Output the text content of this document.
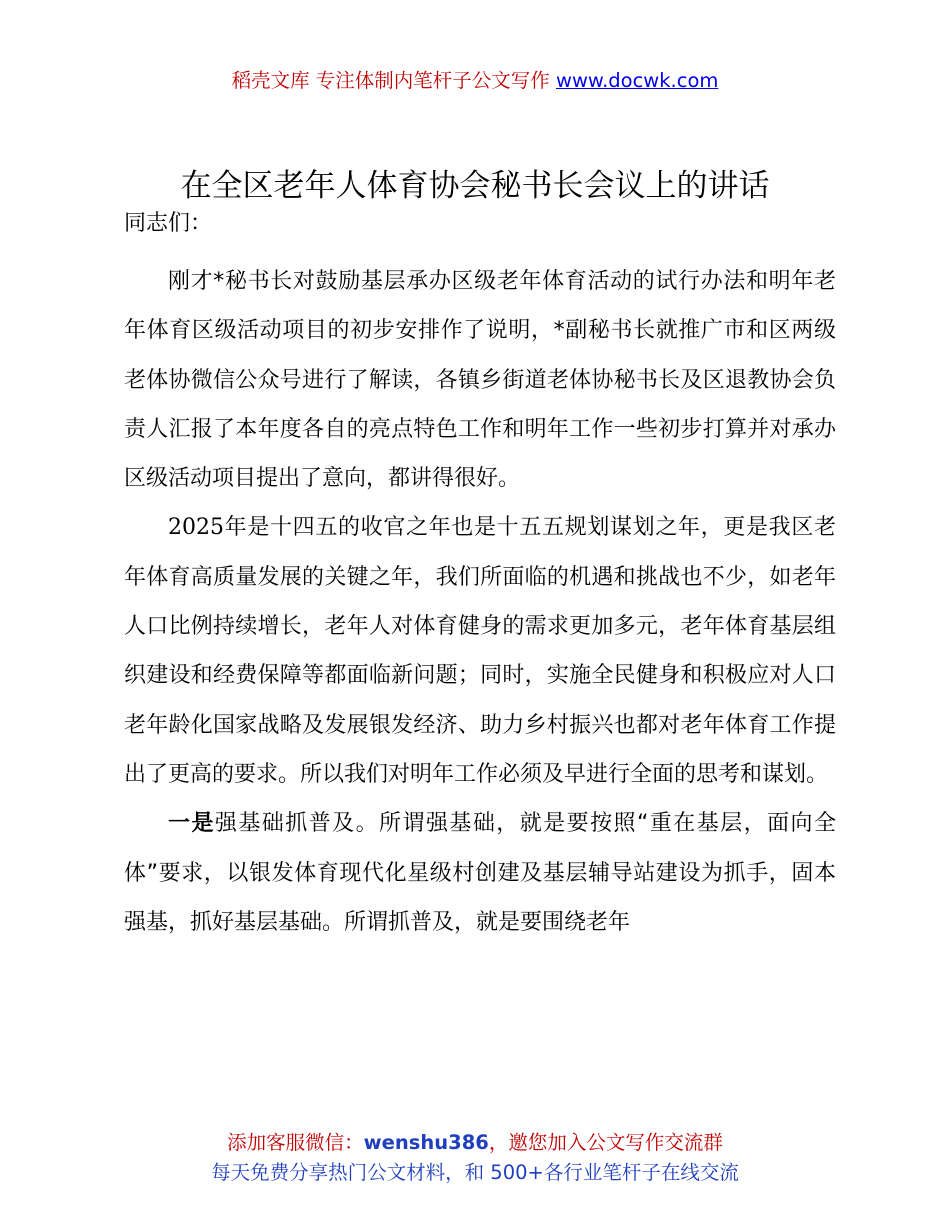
稻壳文库 专注体制内笔杆子公文写作 www.docwk.com
在全区老年人体育协会秘书长会议上的讲话
同志们：

刚才*秘书长对鼓励基层承办区级老年体育活动的试行办法和明年老年体育区级活动项目的初步安排作了说明，*副秘书长就推广市和区两级老体协微信公众号进行了解读，各镇乡街道老体协秘书长及区退教协会负责人汇报了本年度各自的亮点特色工作和明年工作一些初步打算并对承办区级活动项目提出了意向，都讲得很好。

2025年是十四五的收官之年也是十五五规划谋划之年，更是我区老年体育高质量发展的关键之年，我们所面临的机遇和挑战也不少，如老年人口比例持续增长，老年人对体育健身的需求更加多元，老年体育基层组织建设和经费保障等都面临新问题；同时，实施全民健身和积极应对人口老年龄化国家战略及发展银发经济、助力乡村振兴也都对老年体育工作提出了更高的要求。所以我们对明年工作必须及早进行全面的思考和谋划。

一是强基础抓普及。所谓强基础，就是要按照“重在基层，面向全体”要求，以银发体育现代化星级村创建及基层辅导站建设为抓手，固本强基，抓好基层基础。所谓抓普及，就是要围绕老年

添加客服微信：wenshu386，邀您加入公文写作交流群
每天免费分享热门公文材料，和 500+各行业笔杆子在线交流
